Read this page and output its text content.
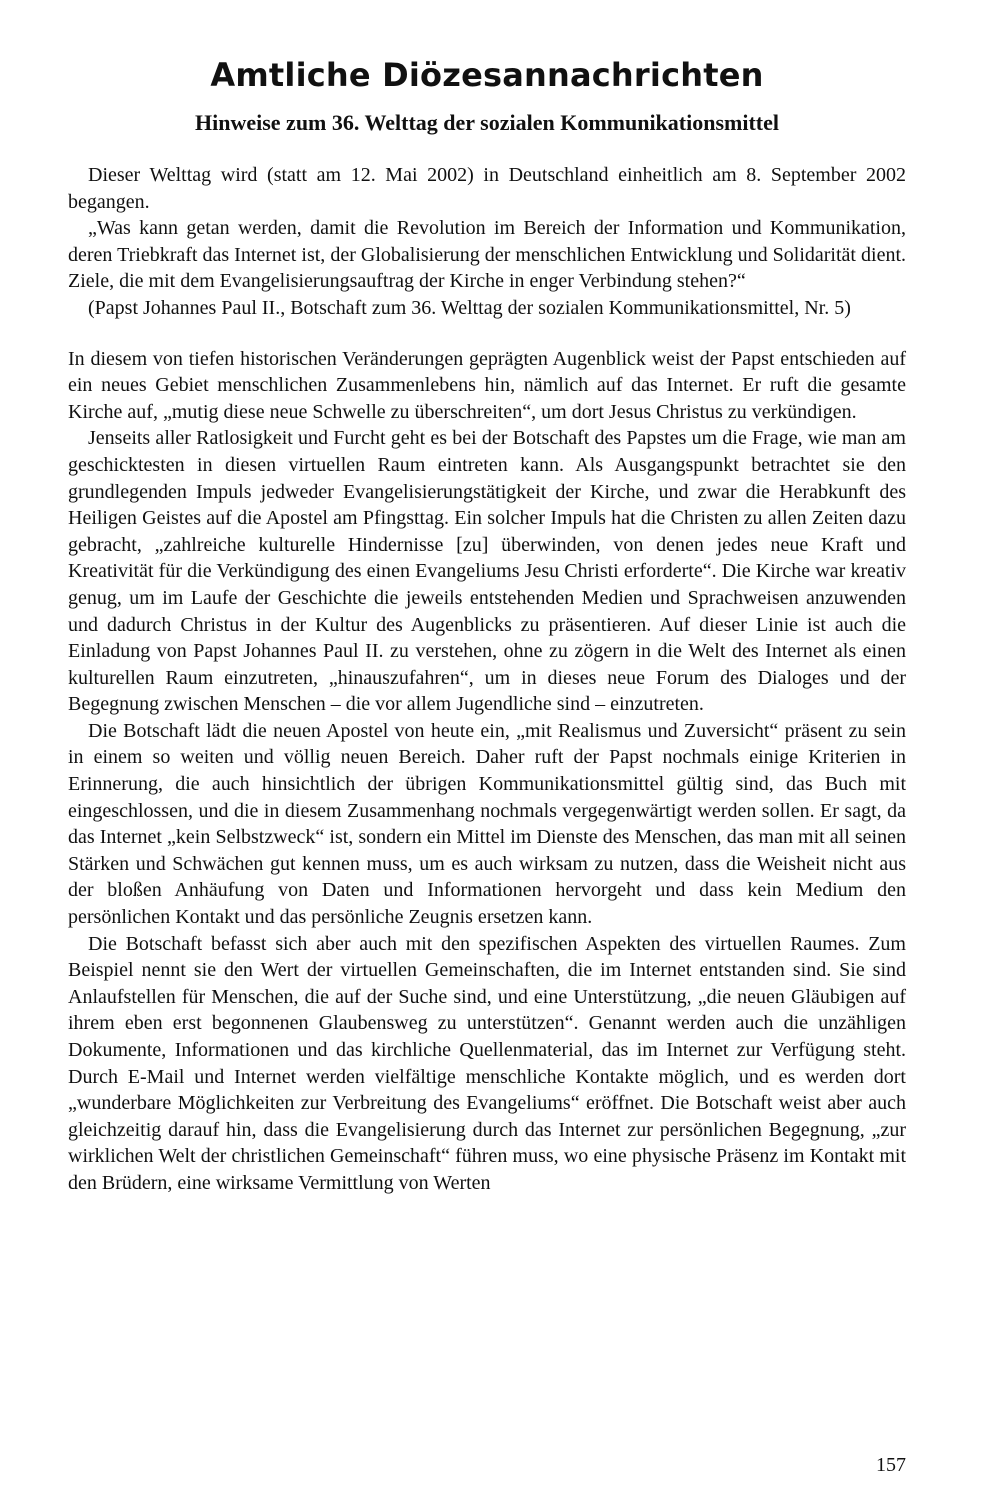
Amtliche Diözesannachrichten
Hinweise zum 36. Welttag der sozialen Kommunikationsmittel

Dieser Welttag wird (statt am 12. Mai 2002) in Deutschland einheitlich am 8. September 2002 begangen.

„Was kann getan werden, damit die Revolution im Bereich der Information und Kommunikation, deren Triebkraft das Internet ist, der Globalisierung der menschlichen Entwicklung und Solidarität dient. Ziele, die mit dem Evangelisierungsauftrag der Kirche in enger Verbindung stehen?“

(Papst Johannes Paul II., Botschaft zum 36. Welttag der sozialen Kommunikationsmittel, Nr. 5)

In diesem von tiefen historischen Veränderungen geprägten Augenblick weist der Papst entschieden auf ein neues Gebiet menschlichen Zusammenlebens hin, nämlich auf das Internet. Er ruft die gesamte Kirche auf, „mutig diese neue Schwelle zu überschreiten“, um dort Jesus Christus zu verkündigen.

Jenseits aller Ratlosigkeit und Furcht geht es bei der Botschaft des Papstes um die Frage, wie man am geschicktesten in diesen virtuellen Raum eintreten kann. Als Ausgangspunkt betrachtet sie den grundlegenden Impuls jedweder Evangelisierungstätigkeit der Kirche, und zwar die Herabkunft des Heiligen Geistes auf die Apostel am Pfingsttag. Ein solcher Impuls hat die Christen zu allen Zeiten dazu gebracht, „zahlreiche kulturelle Hindernisse [zu] überwinden, von denen jedes neue Kraft und Kreativität für die Verkündigung des einen Evangeliums Jesu Christi erforderte“. Die Kirche war kreativ genug, um im Laufe der Geschichte die jeweils entstehenden Medien und Sprachweisen anzuwenden und dadurch Christus in der Kultur des Augenblicks zu präsentieren. Auf dieser Linie ist auch die Einladung von Papst Johannes Paul II. zu verstehen, ohne zu zögern in die Welt des Internet als einen kulturellen Raum einzutreten, „hinauszufahren“, um in dieses neue Forum des Dialoges und der Begegnung zwischen Menschen – die vor allem Jugendliche sind – einzutreten.

Die Botschaft lädt die neuen Apostel von heute ein, „mit Realismus und Zuversicht“ präsent zu sein in einem so weiten und völlig neuen Bereich. Daher ruft der Papst nochmals einige Kriterien in Erinnerung, die auch hinsichtlich der übrigen Kommunikationsmittel gültig sind, das Buch mit eingeschlossen, und die in diesem Zusammenhang nochmals vergegenwärtigt werden sollen. Er sagt, da das Internet „kein Selbstzweck“ ist, sondern ein Mittel im Dienste des Menschen, das man mit all seinen Stärken und Schwächen gut kennen muss, um es auch wirksam zu nutzen, dass die Weisheit nicht aus der bloßen Anhäufung von Daten und Informationen hervorgeht und dass kein Medium den persönlichen Kontakt und das persönliche Zeugnis ersetzen kann.

Die Botschaft befasst sich aber auch mit den spezifischen Aspekten des virtuellen Raumes. Zum Beispiel nennt sie den Wert der virtuellen Gemeinschaften, die im Internet entstanden sind. Sie sind Anlaufstellen für Menschen, die auf der Suche sind, und eine Unterstützung, „die neuen Gläubigen auf ihrem eben erst begonnenen Glaubensweg zu unterstützen“. Genannt werden auch die unzähligen Dokumente, Informationen und das kirchliche Quellenmaterial, das im Internet zur Verfügung steht. Durch E-Mail und Internet werden vielfältige menschliche Kontakte möglich, und es werden dort „wunderbare Möglichkeiten zur Verbreitung des Evangeliums“ eröffnet. Die Botschaft weist aber auch gleichzeitig darauf hin, dass die Evangelisierung durch das Internet zur persönlichen Begegnung, „zur wirklichen Welt der christlichen Gemeinschaft“ führen muss, wo eine physische Präsenz im Kontakt mit den Brüdern, eine wirksame Vermittlung von Werten

157
